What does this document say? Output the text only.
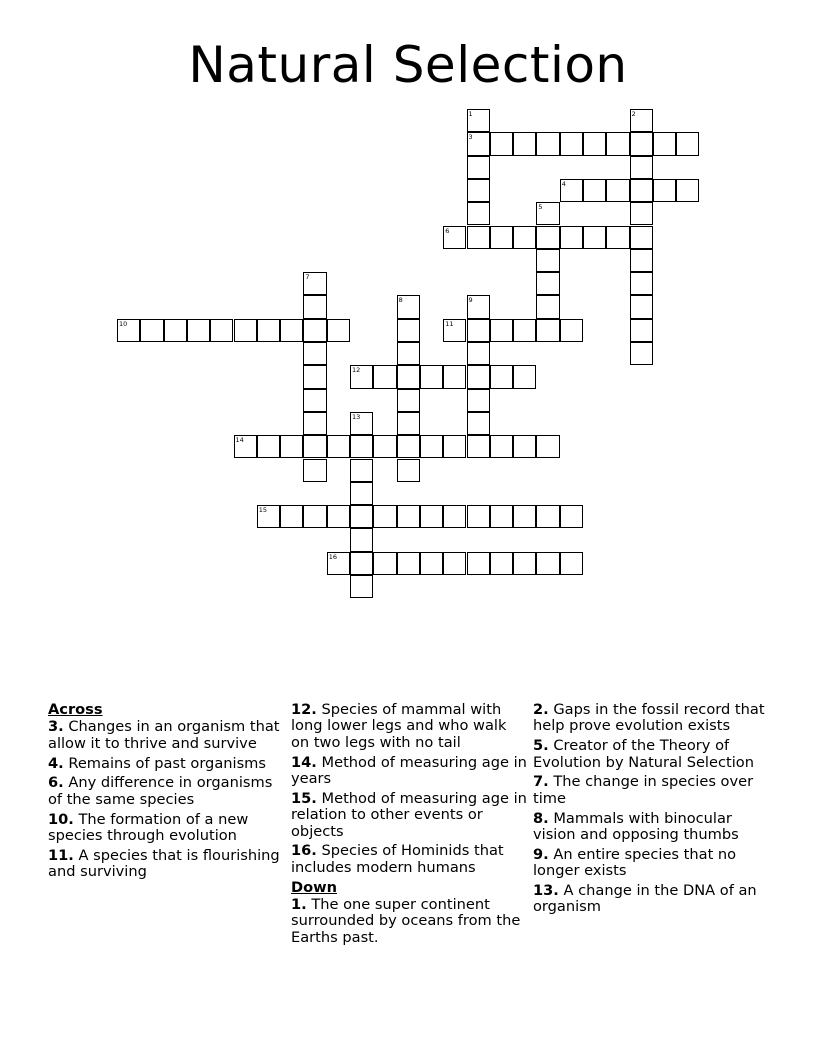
Natural Selection
1
3
2
4
5
6
7
8	9
10	11
12
13
14
15
16
Across
3. Changes in an organism that allow it to thrive and survive
4. Remains of past organisms
6. Any difference in organisms of the same species
10. The formation of a new species through evolution
11. A species that is flourishing and surviving
12. Species of mammal with long lower legs and who walk on two legs with no tail
14. Method of measuring age in years
15. Method of measuring age in relation to other events or objects
16. Species of Hominids that includes modern humans
Down
1. The one super continent surrounded by oceans from the Earths past.
2. Gaps in the fossil record that help prove evolution exists
5. Creator of the Theory of Evolution by Natural Selection
7. The change in species over time
8. Mammals with binocular vision and opposing thumbs
9. An entire species that no longer exists
13. A change in the DNA of an organism
